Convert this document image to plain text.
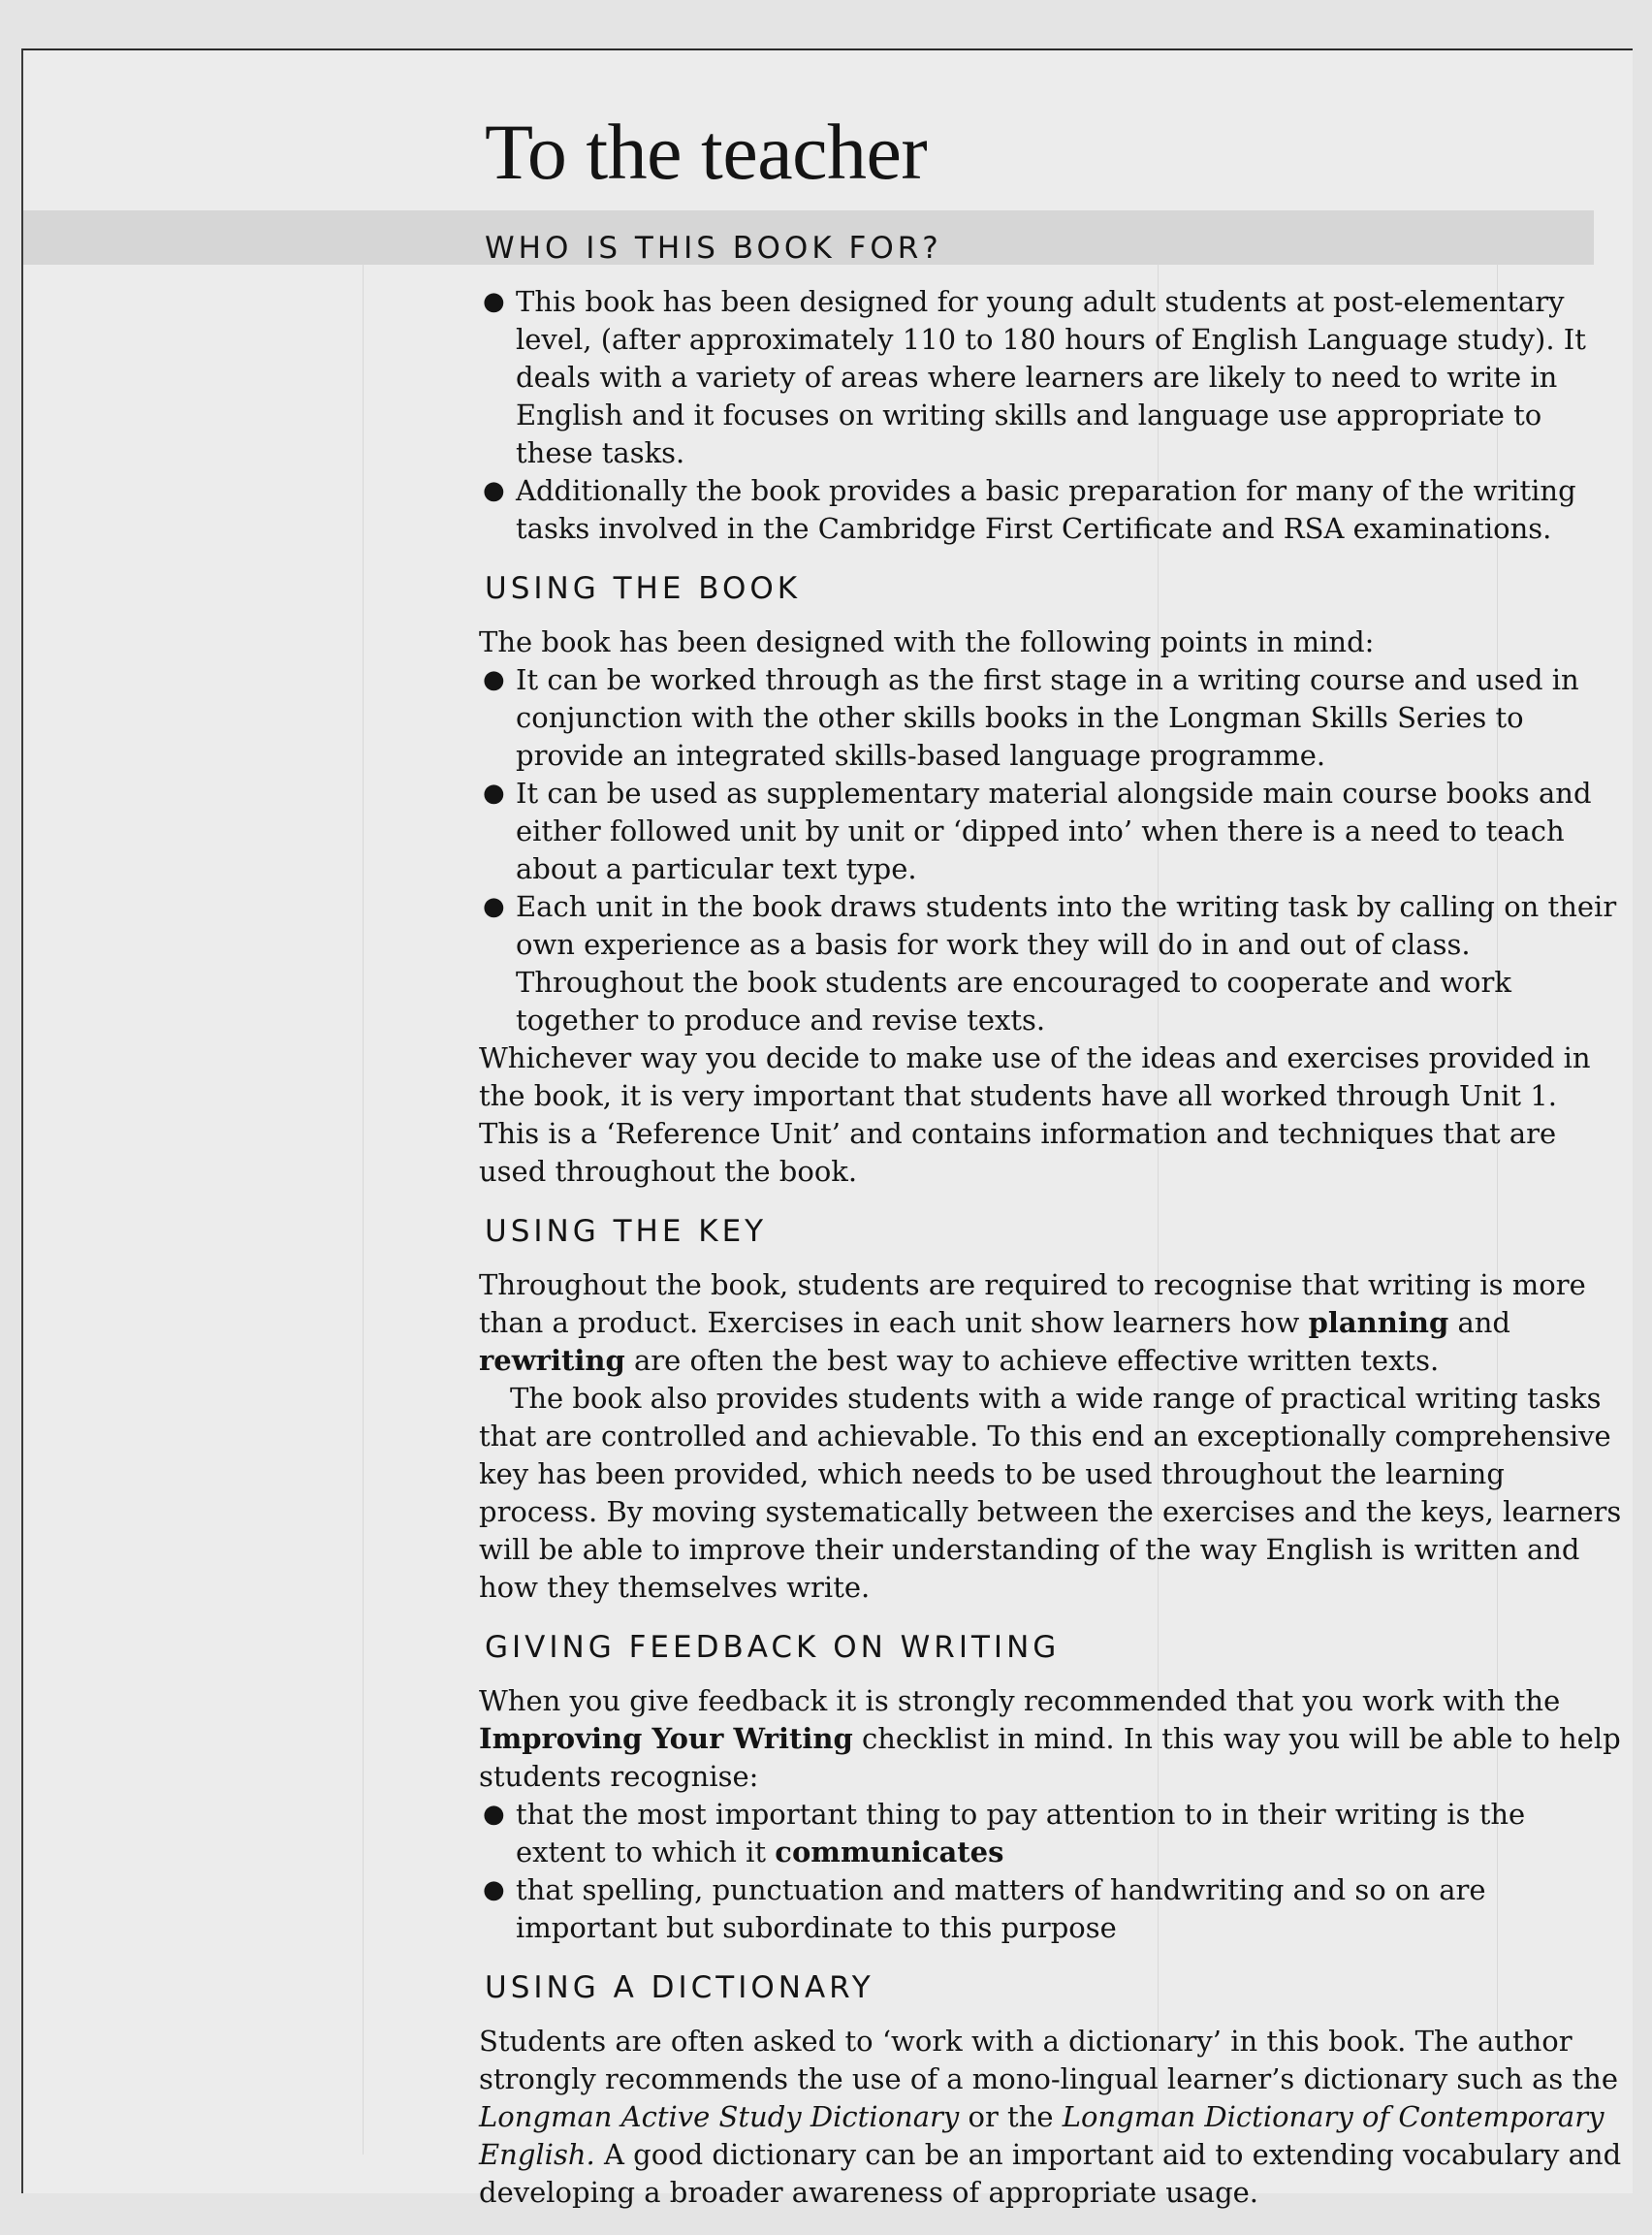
To the teacher
WHO IS THIS BOOK FOR?
● This book has been designed for young adult students at post-elementary level, (after approximately 110 to 180 hours of English Language study). It deals with a variety of areas where learners are likely to need to write in English and it focuses on writing skills and language use appropriate to these tasks.
● Additionally the book provides a basic preparation for many of the writing tasks involved in the Cambridge First Certificate and RSA examinations.
USING THE BOOK

The book has been designed with the following points in mind:

● It can be worked through as the first stage in a writing course and used in conjunction with the other skills books in the Longman Skills Series to provide an integrated skills-based language programme.
● It can be used as supplementary material alongside main course books and either followed unit by unit or ‘dipped into’ when there is a need to teach about a particular text type.
● Each unit in the book draws students into the writing task by calling on their own experience as a basis for work they will do in and out of class. Throughout the book students are encouraged to cooperate and work together to produce and revise texts.

Whichever way you decide to make use of the ideas and exercises provided in the book, it is very important that students have all worked through Unit 1. This is a ‘Reference Unit’ and contains information and techniques that are used throughout the book.

USING THE KEY

Throughout the book, students are required to recognise that writing is more than a product. Exercises in each unit show learners how planning and rewriting are often the best way to achieve effective written texts.

The book also provides students with a wide range of practical writing tasks that are controlled and achievable. To this end an exceptionally comprehensive key has been provided, which needs to be used throughout the learning process. By moving systematically between the exercises and the keys, learners will be able to improve their understanding of the way English is written and how they themselves write.

GIVING FEEDBACK ON WRITING

When you give feedback it is strongly recommended that you work with the Improving Your Writing checklist in mind. In this way you will be able to help students recognise:

● that the most important thing to pay attention to in their writing is the extent to which it communicates
● that spelling, punctuation and matters of handwriting and so on are important but subordinate to this purpose
USING A DICTIONARY

Students are often asked to ‘work with a dictionary’ in this book. The author strongly recommends the use of a mono-lingual learner’s dictionary such as the Longman Active Study Dictionary or the Longman Dictionary of Contemporary English. A good dictionary can be an important aid to extending vocabulary and developing a broader awareness of appropriate usage.
